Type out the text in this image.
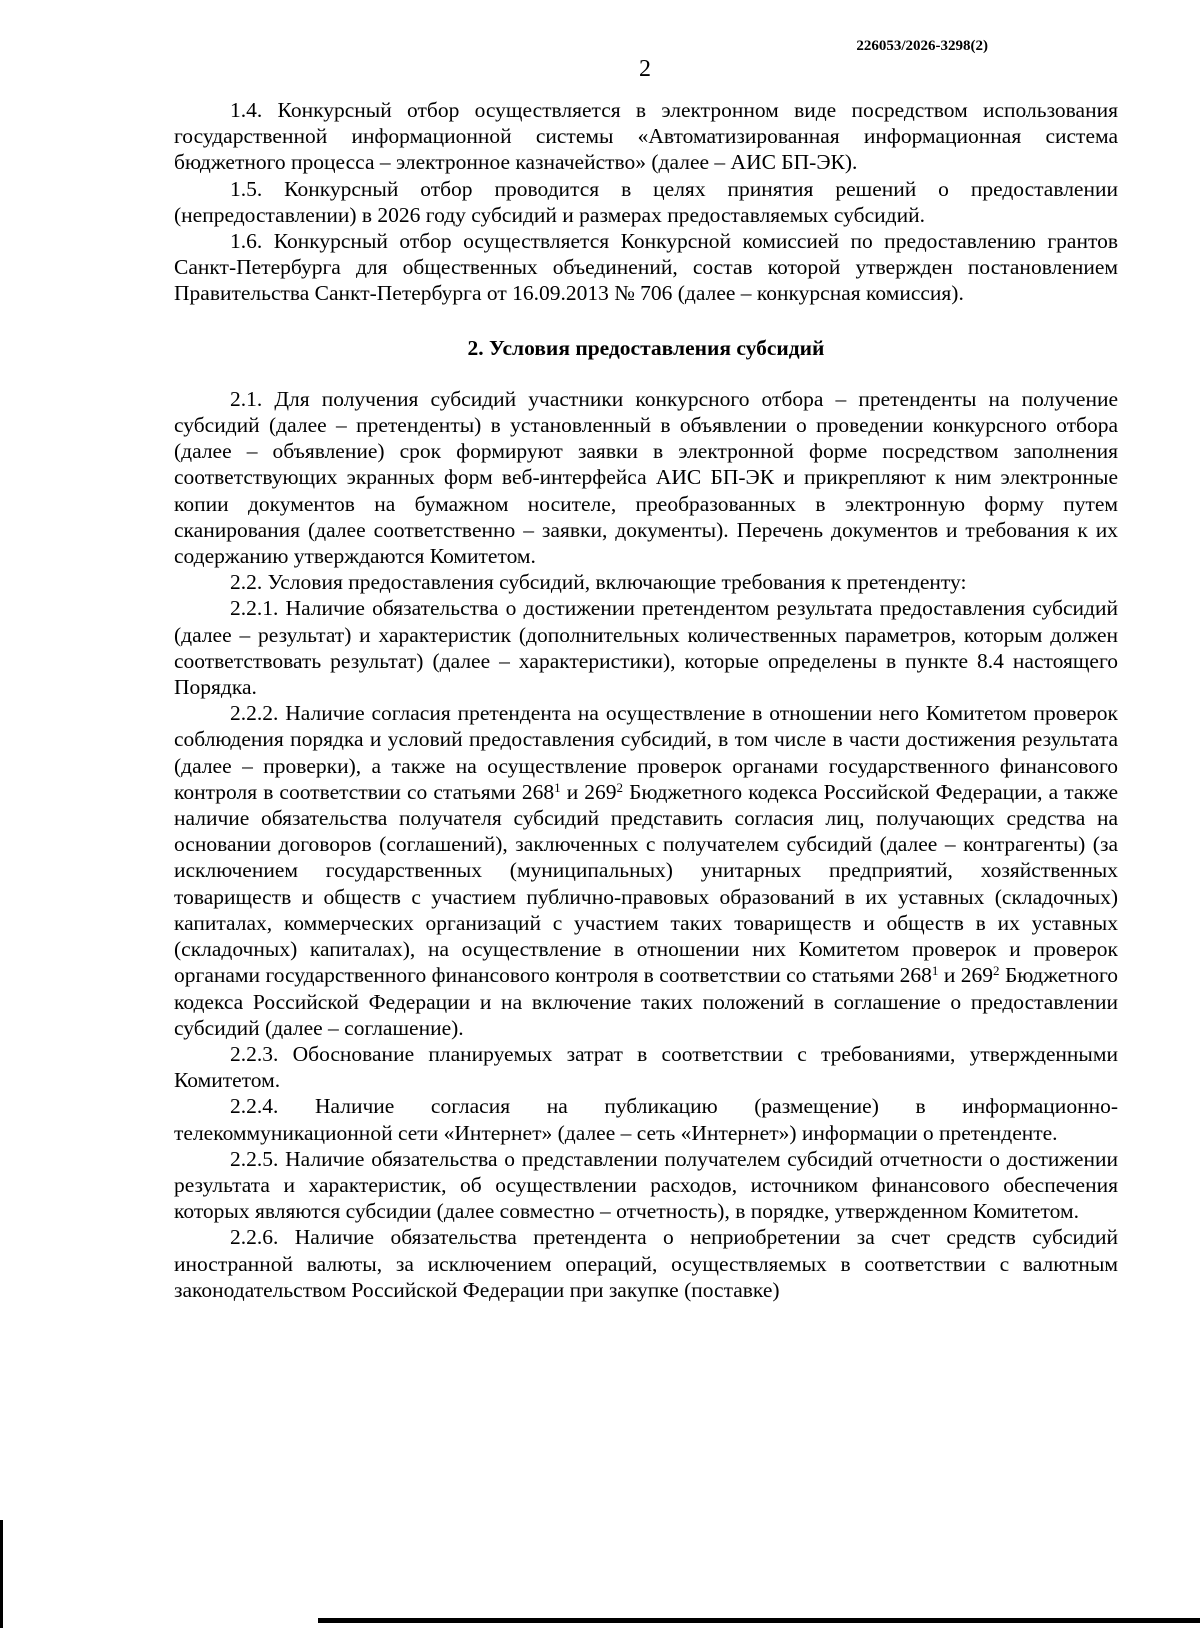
226053/2026-3298(2)
2

1.4. Конкурсный отбор осуществляется в электронном виде посредством использования государственной информационной системы «Автоматизированная информационная система бюджетного процесса – электронное казначейство» (далее – АИС БП-ЭК).

1.5. Конкурсный отбор проводится в целях принятия решений о предоставлении (непредоставлении) в 2026 году субсидий и размерах предоставляемых субсидий.

1.6. Конкурсный отбор осуществляется Конкурсной комиссией по предоставлению грантов Санкт-Петербурга для общественных объединений, состав которой утвержден постановлением Правительства Санкт-Петербурга от 16.09.2013 № 706 (далее – конкурсная комиссия).

2. Условия предоставления субсидий

2.1. Для получения субсидий участники конкурсного отбора – претенденты на получение субсидий (далее – претенденты) в установленный в объявлении о проведении конкурсного отбора (далее – объявление) срок формируют заявки в электронной форме посредством заполнения соответствующих экранных форм веб-интерфейса АИС БП-ЭК и прикрепляют к ним электронные копии документов на бумажном носителе, преобразованных в электронную форму путем сканирования (далее соответственно – заявки, документы). Перечень документов и требования к их содержанию утверждаются Комитетом.

2.2. Условия предоставления субсидий, включающие требования к претенденту:

2.2.1. Наличие обязательства о достижении претендентом результата предоставления субсидий (далее – результат) и характеристик (дополнительных количественных параметров, которым должен соответствовать результат) (далее – характеристики), которые определены в пункте 8.4 настоящего Порядка.

2.2.2. Наличие согласия претендента на осуществление в отношении него Комитетом проверок соблюдения порядка и условий предоставления субсидий, в том числе в части достижения результата (далее – проверки), а также на осуществление проверок органами государственного финансового контроля в соответствии со статьями $268^1$ и $269^2$ Бюджетного кодекса Российской Федерации, а также наличие обязательства получателя субсидий представить согласия лиц, получающих средства на основании договоров (соглашений), заключенных с получателем субсидий (далее – контрагенты) (за исключением государственных (муниципальных) унитарных предприятий, хозяйственных товариществ и обществ с участием публично-правовых образований в их уставных (складочных) капиталах, коммерческих организаций с участием таких товариществ и обществ в их уставных (складочных) капиталах), на осуществление в отношении них Комитетом проверок и проверок органами государственного финансового контроля в соответствии со статьями $268^1$ и $269^2$ Бюджетного кодекса Российской Федерации и на включение таких положений в соглашение о предоставлении субсидий (далее – соглашение).

2.2.3. Обоснование планируемых затрат в соответствии с требованиями, утвержденными Комитетом.

2.2.4. Наличие согласия на публикацию (размещение) в информационно-телекоммуникационной сети «Интернет» (далее – сеть «Интернет») информации о претенденте.

2.2.5. Наличие обязательства о представлении получателем субсидий отчетности о достижении результата и характеристик, об осуществлении расходов, источником финансового обеспечения которых являются субсидии (далее совместно – отчетность), в порядке, утвержденном Комитетом.

2.2.6. Наличие обязательства претендента о неприобретении за счет средств субсидий иностранной валюты, за исключением операций, осуществляемых в соответствии с валютным законодательством Российской Федерации при закупке (поставке)
